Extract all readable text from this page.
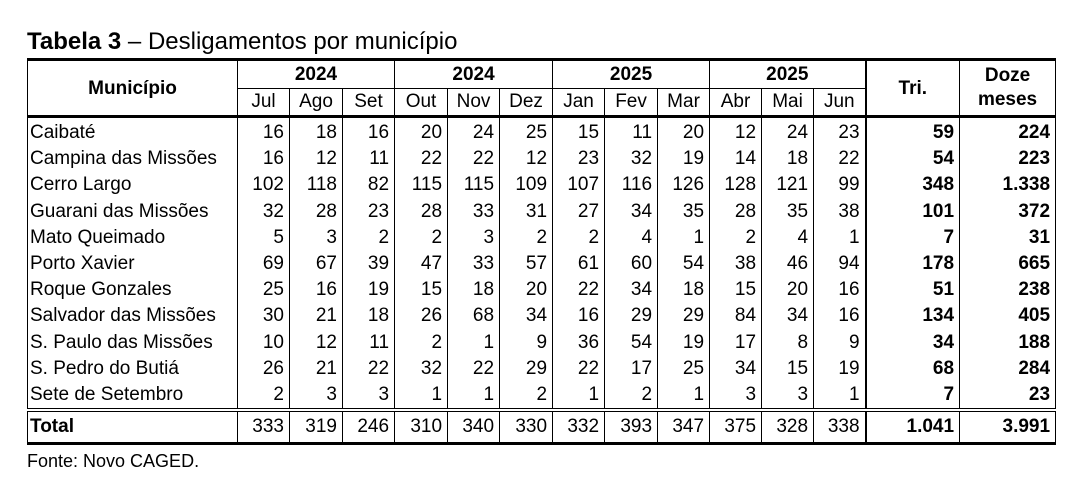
Tabela 3 – Desligamentos por município
Município	2024			2024			2025			2025			Tri.	Doze
meses
	Jul	Ago	Set	Out	Nov	Dez	Jan	Fev	Mar	Abr	Mai	Jun		
Caibaté	16	18	16	20	24	25	15	11	20	12	24	23	59	224
Campina das Missões	16	12	11	22	22	12	23	32	19	14	18	22	54	223
Cerro Largo	102	118	82	115	115	109	107	116	126	128	121	99	348	1.338
Guarani das Missões	32	28	23	28	33	31	27	34	35	28	35	38	101	372
Mato Queimado	5	3	2	2	3	2	2	4	1	2	4	1	7	31
Porto Xavier	69	67	39	47	33	57	61	60	54	38	46	94	178	665
Roque Gonzales	25	16	19	15	18	20	22	34	18	15	20	16	51	238
Salvador das Missões	30	21	18	26	68	34	16	29	29	84	34	16	134	405
S. Paulo das Missões	10	12	11	2	1	9	36	54	19	17	8	9	34	188
S. Pedro do Butiá	26	21	22	32	22	29	22	17	25	34	15	19	68	284
Sete de Setembro	2	3	3	1	1	2	1	2	1	3	3	1	7	23
Total	333	319	246	310	340	330	332	393	347	375	328	338	1.041	3.991
Fonte: Novo CAGED.
